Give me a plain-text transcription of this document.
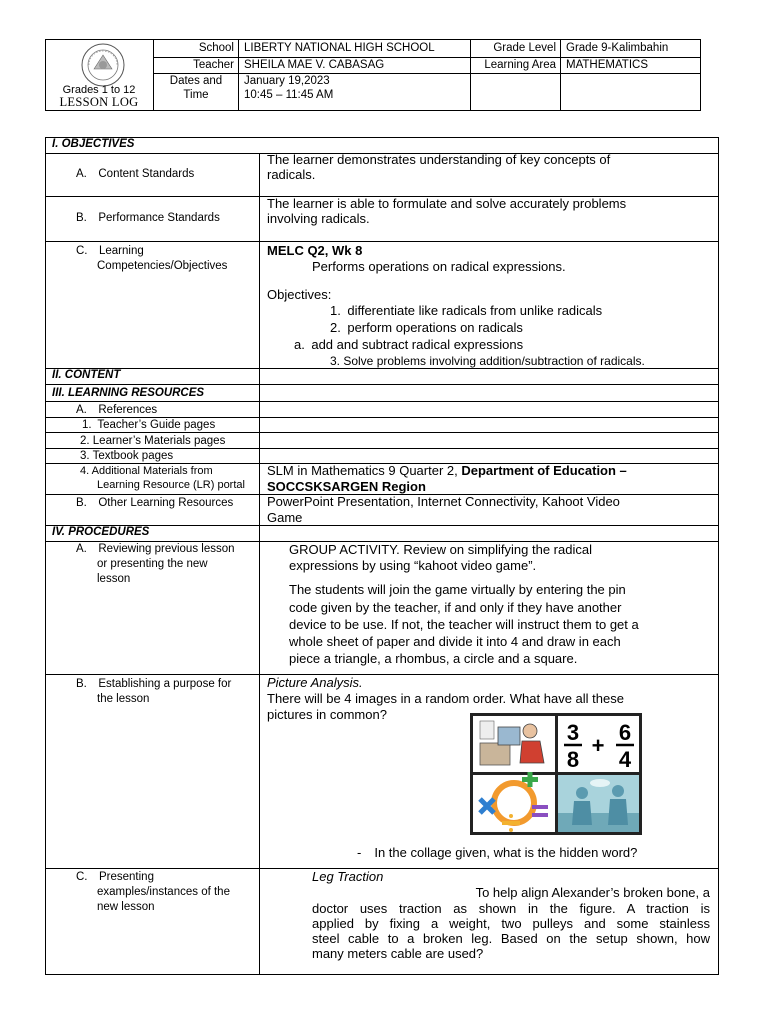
School LIBERTY NATIONAL HIGH SCHOOL
Teacher SHEILA MAE V. CABASAG
Dates and
Time
January 19,2023
10:45 – 11:45 AM
Grade Level Grade 9-Kalimbahin
Learning Area MATHEMATICS
Grades 1 to 12
LESSON LOG
I. OBJECTIVES
A. Content Standards
The learner demonstrates understanding of key concepts of
radicals.
B. Performance Standards
The learner is able to formulate and solve accurately problems
involving radicals.
C. Learning
Competencies/Objectives
MELC Q2, Wk 8
Performs operations on radical expressions.
Objectives:
1. differentiate like radicals from unlike radicals
2. perform operations on radicals
a. add and subtract radical expressions
3. Solve problems involving addition/subtraction of radicals.
II. CONTENT
III. LEARNING RESOURCES
A. References
1. Teacher’s Guide pages
2. Learner’s Materials pages
3. Textbook pages
4. Additional Materials from
Learning Resource (LR) portal
SLM in Mathematics 9 Quarter 2, Department of Education –
SOCCSKSARGEN Region
B. Other Learning Resources	PowerPoint Presentation, Internet Connectivity, Kahoot Video
Game
IV. PROCEDURES
A. Reviewing previous lesson
or presenting the new
lesson
GROUP ACTIVITY. Review on simplifying the radical
expressions by using “kahoot video game”.
The students will join the game virtually by entering the pin
code given by the teacher, if and only if they have another
device to be use. If not, the teacher will instruct them to get a
whole sheet of paper and divide it into 4 and draw in each
piece a triangle, a rhombus, a circle and a square.
B. Establishing a purpose for
the lesson
Picture Analysis.
There will be 4 images in a random order. What have all these
pictures in common?
3
8
+
6
4
- In the collage given, what is the hidden word?
C. Presenting
examples/instances of the
new lesson
Leg Traction
To help align Alexander’s broken bone, a
doctor uses traction as shown in the figure. A traction is
applied by fixing a weight, two pulleys and some stainless
steel cable to a broken leg. Based on the setup shown, how
many meters cable are used?
